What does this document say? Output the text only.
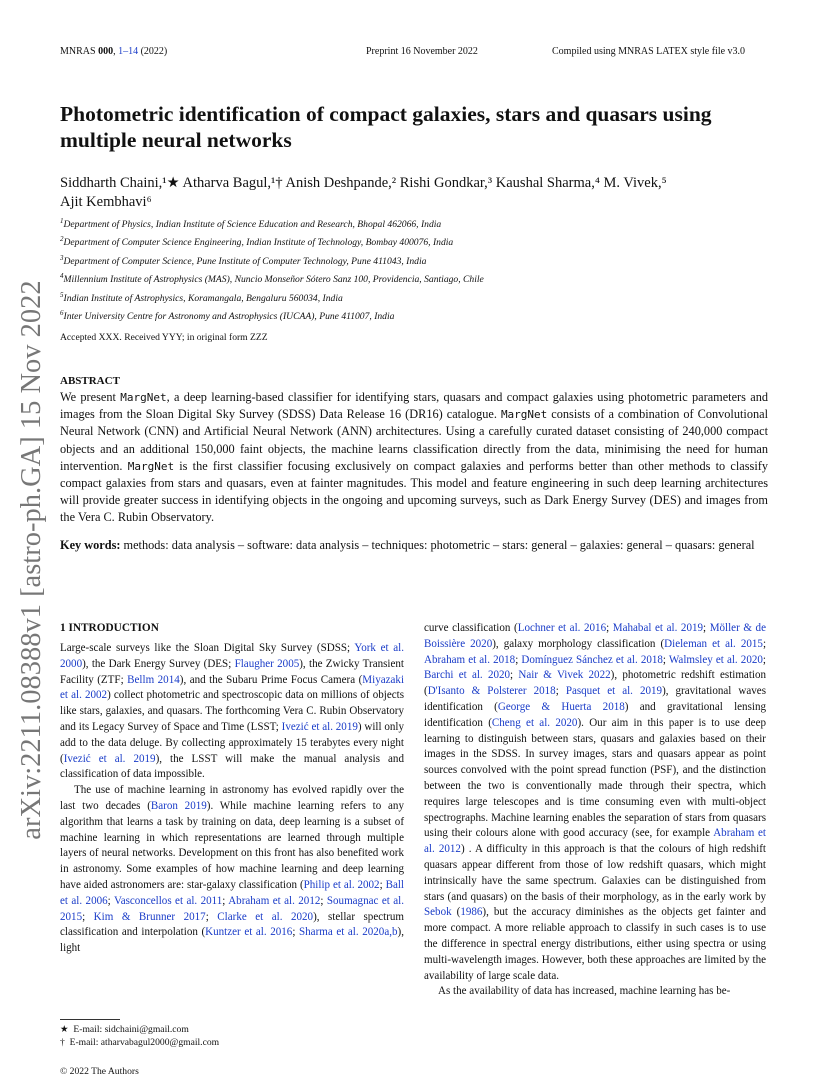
MNRAS 000, 1–14 (2022)	Preprint 16 November 2022	Compiled using MNRAS LATEX style file v3.0
arXiv:2211.08388v1 [astro-ph.GA] 15 Nov 2022
Photometric identification of compact galaxies, stars and quasars using multiple neural networks
Siddharth Chaini,¹★ Atharva Bagul,¹† Anish Deshpande,² Rishi Gondkar,³ Kaushal Sharma,⁴ M. Vivek,⁵
Ajit Kembhavi⁶
$^1$Department of Physics, Indian Institute of Science Education and Research, Bhopal 462066, India
$^2$Department of Computer Science Engineering, Indian Institute of Technology, Bombay 400076, India
$^3$Department of Computer Science, Pune Institute of Computer Technology, Pune 411043, India
$^4$Millennium Institute of Astrophysics (MAS), Nuncio Monseñor Sótero Sanz 100, Providencia, Santiago, Chile
$^5$Indian Institute of Astrophysics, Koramangala, Bengaluru 560034, India
$^6$Inter University Centre for Astronomy and Astrophysics (IUCAA), Pune 411007, India
Accepted XXX. Received YYY; in original form ZZZ
ABSTRACT
We present MargNet, a deep learning-based classifier for identifying stars, quasars and compact galaxies using photometric parameters and images from the Sloan Digital Sky Survey (SDSS) Data Release 16 (DR16) catalogue. MargNet consists of a combination of Convolutional Neural Network (CNN) and Artificial Neural Network (ANN) architectures. Using a carefully curated dataset consisting of 240,000 compact objects and an additional 150,000 faint objects, the machine learns classification directly from the data, minimising the need for human intervention. MargNet is the first classifier focusing exclusively on compact galaxies and performs better than other methods to classify compact galaxies from stars and quasars, even at fainter magnitudes. This model and feature engineering in such deep learning architectures will provide greater success in identifying objects in the ongoing and upcoming surveys, such as Dark Energy Survey (DES) and images from the Vera C. Rubin Observatory.
Key words: methods: data analysis – software: data analysis – techniques: photometric – stars: general – galaxies: general – quasars: general
1 INTRODUCTION

Large-scale surveys like the Sloan Digital Sky Survey (SDSS; York et al. 2000), the Dark Energy Survey (DES; Flaugher 2005), the Zwicky Transient Facility (ZTF; Bellm 2014), and the Subaru Prime Focus Camera (Miyazaki et al. 2002) collect photometric and spectroscopic data on millions of objects like stars, galaxies, and quasars. The forthcoming Vera C. Rubin Observatory and its Legacy Survey of Space and Time (LSST; Ivezić et al. 2019) will only add to the data deluge. By collecting approximately 15 terabytes every night (Ivezić et al. 2019), the LSST will make the manual analysis and classification of data impossible.

The use of machine learning in astronomy has evolved rapidly over the last two decades (Baron 2019). While machine learning refers to any algorithm that learns a task by training on data, deep learning is a subset of machine learning in which representations are learned through multiple layers of neural networks. Development on this front has also benefited work in astronomy. Some examples of how machine learning and deep learning have aided astronomers are: star-galaxy classification (Philip et al. 2002; Ball et al. 2006; Vasconcellos et al. 2011; Abraham et al. 2012; Soumagnac et al. 2015; Kim & Brunner 2017; Clarke et al. 2020), stellar spectrum classification and interpolation (Kuntzer et al. 2016; Sharma et al. 2020a,b), light

curve classification (Lochner et al. 2016; Mahabal et al. 2019; Möller & de Boissière 2020), galaxy morphology classification (Dieleman et al. 2015; Abraham et al. 2018; Domínguez Sánchez et al. 2018; Walmsley et al. 2020; Barchi et al. 2020; Nair & Vivek 2022), photometric redshift estimation (D'Isanto & Polsterer 2018; Pasquet et al. 2019), gravitational waves identification (George & Huerta 2018) and gravitational lensing identification (Cheng et al. 2020). Our aim in this paper is to use deep learning to distinguish between stars, quasars and galaxies based on their images in the SDSS. In survey images, stars and quasars appear as point sources convolved with the point spread function (PSF), and the distinction between the two is conventionally made through their spectra, which requires large telescopes and is time consuming even with multi-object spectrographs. Machine learning enables the separation of stars from quasars using their colours alone with good accuracy (see, for example Abraham et al. 2012) . A difficulty in this approach is that the colours of high redshift quasars appear different from those of low redshift quasars, which might intrinsically have the same spectrum. Galaxies can be distinguished from stars (and quasars) on the basis of their morphology, as in the early work by Sebok (1986), but the accuracy diminishes as the objects get fainter and more compact. A more reliable approach to classify in such cases is to use the difference in spectral energy distributions, either using spectra or using multi-wavelength images. However, both these approaches are limited by the availability of large scale data.

As the availability of data has increased, machine learning has be-

★ E-mail: sidchaini@gmail.com
† E-mail: atharvabagul2000@gmail.com
© 2022 The Authors
